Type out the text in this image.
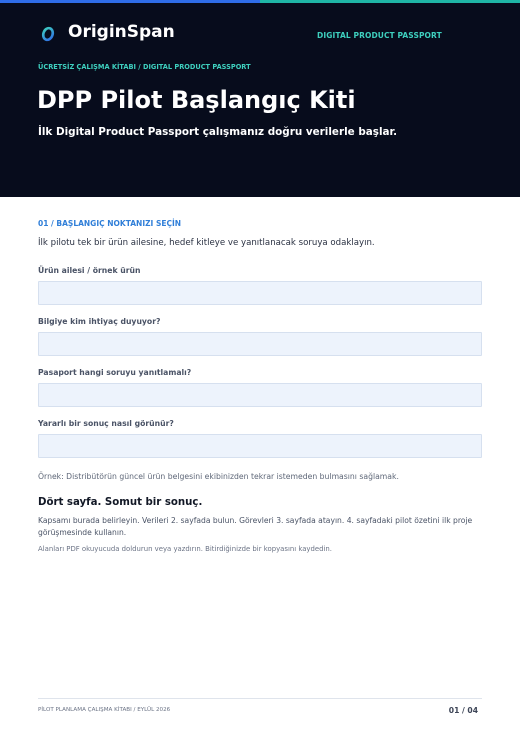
OriginSpan	DIGITAL PRODUCT PASSPORT
ÜCRETSİZ ÇALIŞMA KİTABI / DIGITAL PRODUCT PASSPORT
DPP Pilot Başlangıç Kiti

İlk Digital Product Passport çalışmanız doğru verilerle başlar.

01 / BAŞLANGIÇ NOKTANIZI SEÇİN

İlk pilotu tek bir ürün ailesine, hedef kitleye ve yanıtlanacak soruya odaklayın.

Ürün ailesi / örnek ürün
Bilgiye kim ihtiyaç duyuyor?
Pasaport hangi soruyu yanıtlamalı?
Yararlı bir sonuç nasıl görünür?

Örnek: Distribütörün güncel ürün belgesini ekibinizden tekrar istemeden bulmasını sağlamak.

Dört sayfa. Somut bir sonuç.

Kapsamı burada belirleyin. Verileri 2. sayfada bulun. Görevleri 3. sayfada atayın. 4. sayfadaki pilot özetini ilk proje görüşmesinde kullanın.

Alanları PDF okuyucuda doldurun veya yazdırın. Bitirdiğinizde bir kopyasını kaydedin.

PİLOT PLANLAMA ÇALIŞMA KİTABI / EYLÜL 2026	01 / 04
